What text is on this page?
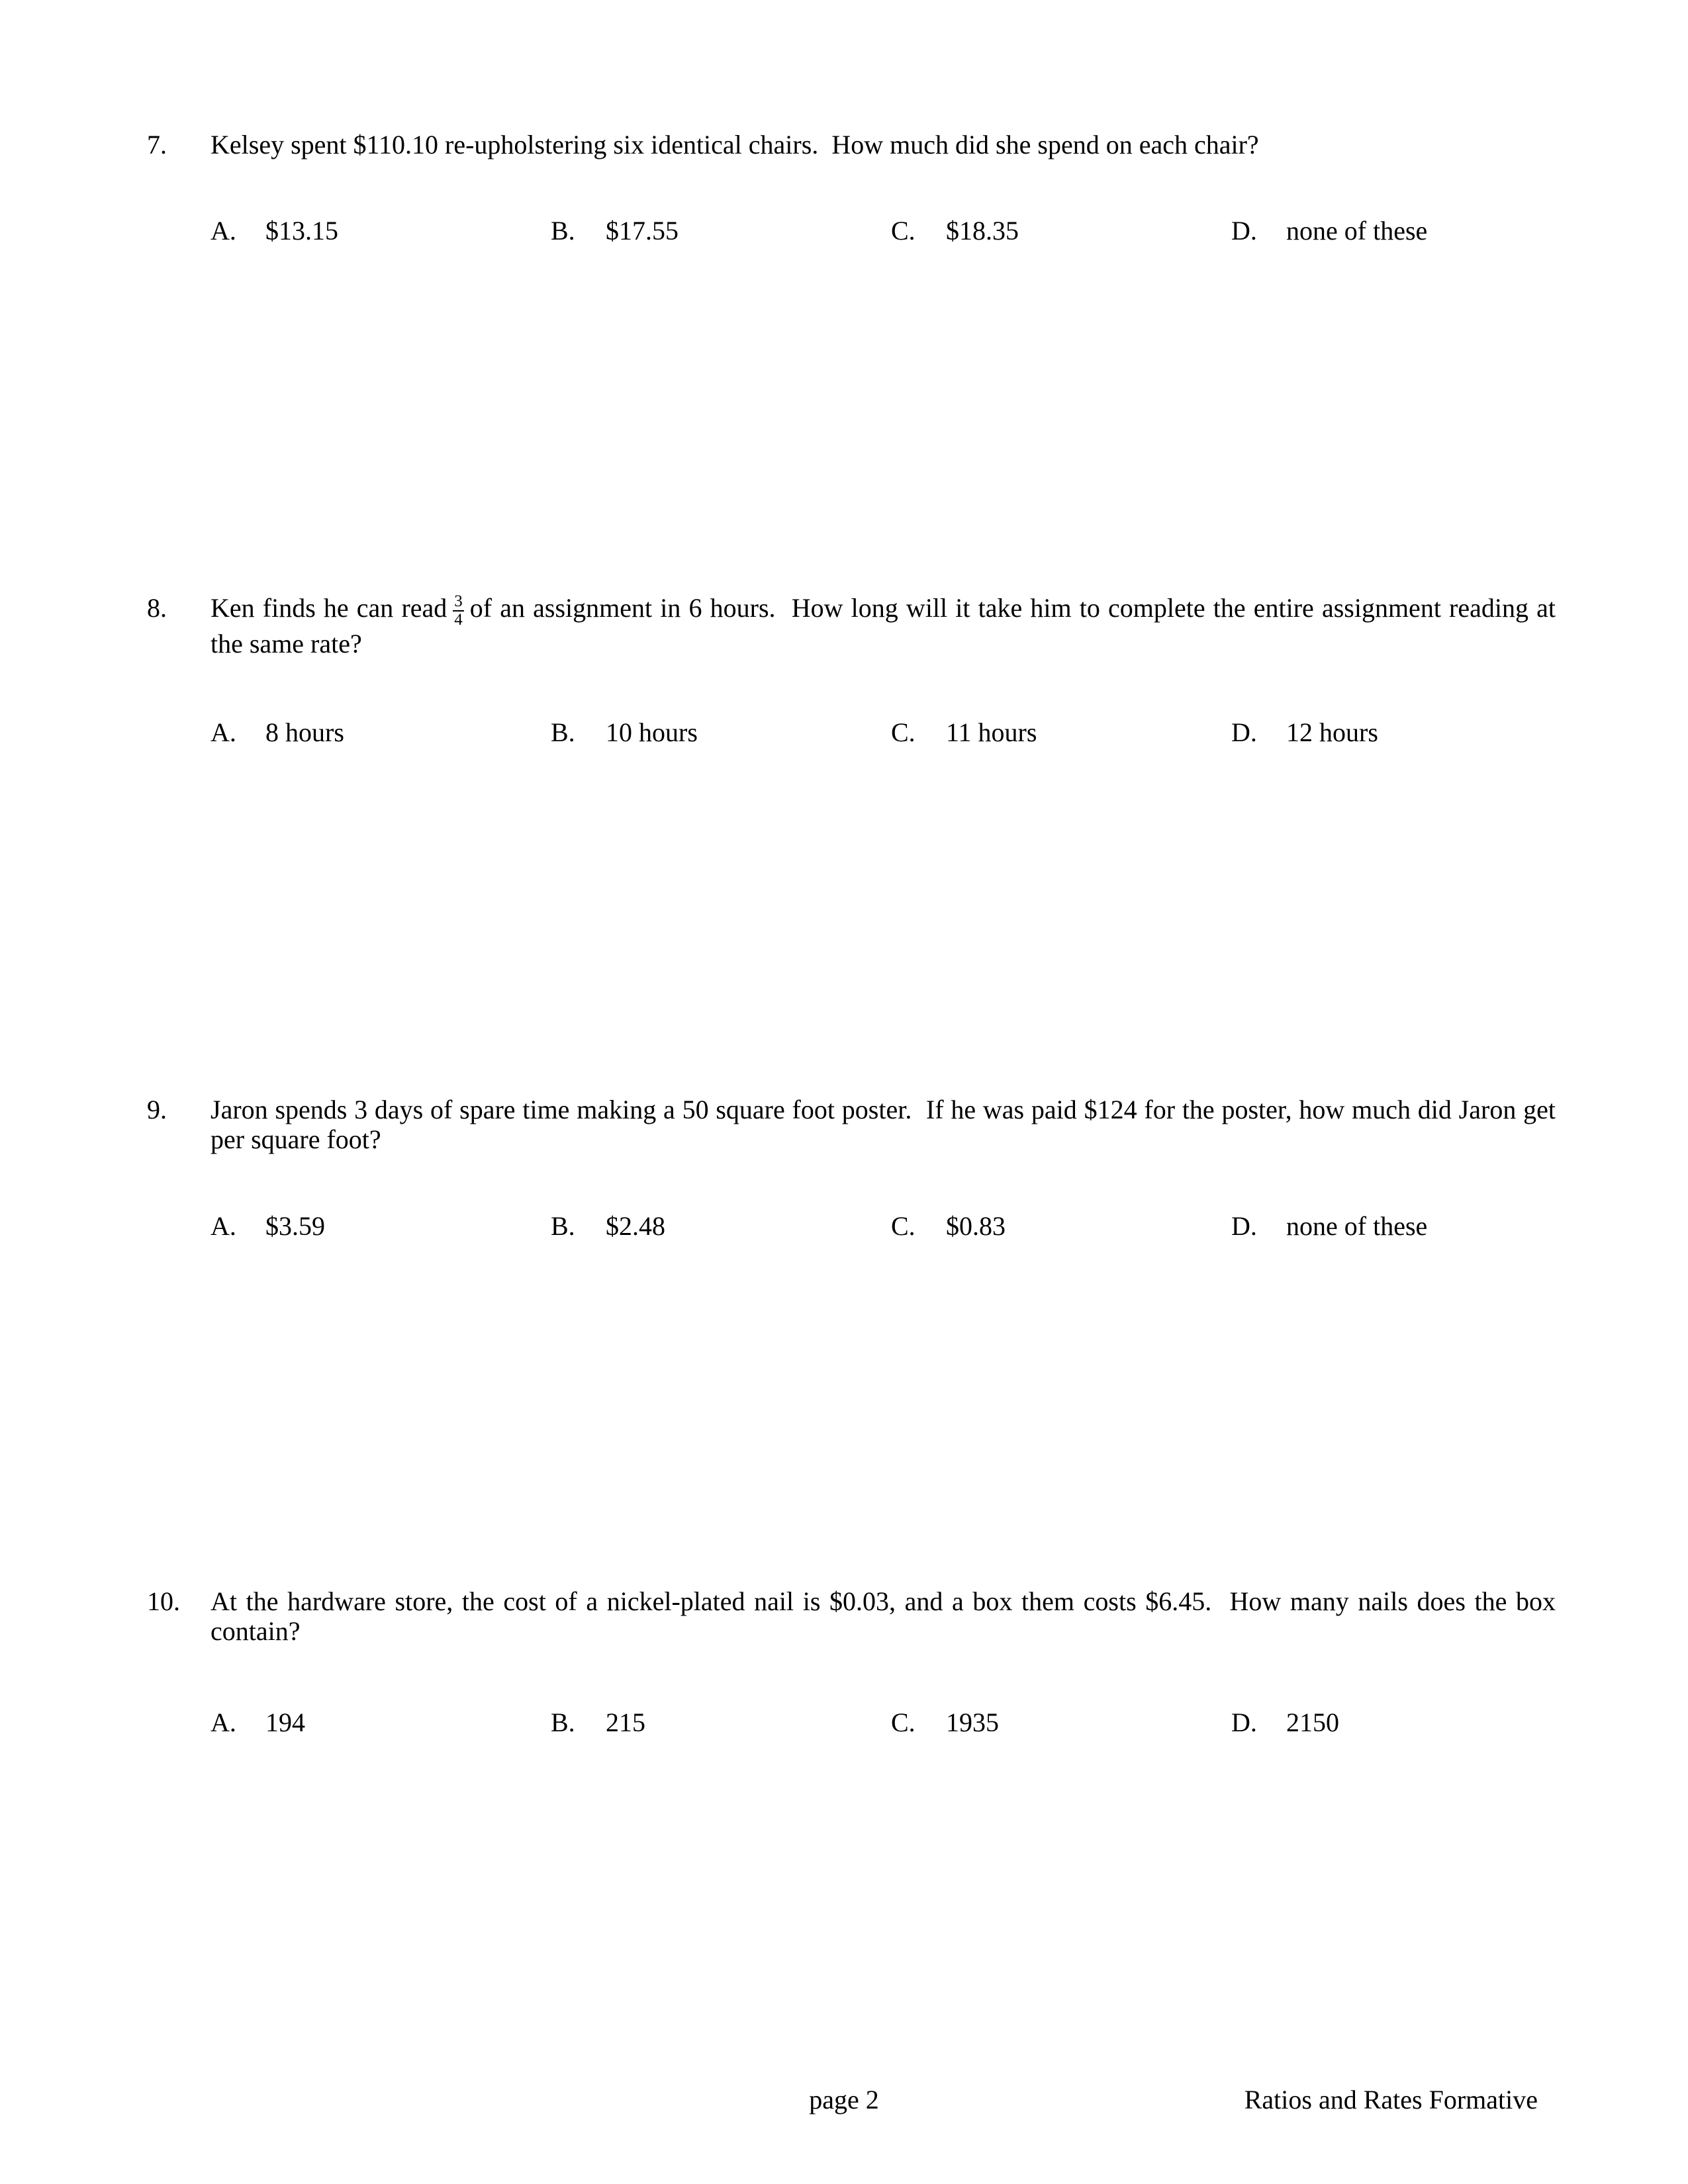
7.	Kelsey spent $110.10 re-upholstering six identical chairs.  How much did she spend on each chair?
A. $13.15	B. $17.55	C. $18.35	D. none of these
8.	Ken finds he can read $\frac{3}{4}$ of an assignment in 6 hours.  How long will it take him to complete the entire assignment reading at the same rate?
A. 8 hours	B. 10 hours	C. 11 hours	D. 12 hours
9.	Jaron spends 3 days of spare time making a 50 square foot poster.  If he was paid $124 for the poster, how much did Jaron get per square foot?
A. $3.59	B. $2.48	C. $0.83	D. none of these
10.	At the hardware store, the cost of a nickel-plated nail is $0.03, and a box them costs $6.45.  How many nails does the box contain?
A. 194	B. 215	C. 1935	D. 2150
page 2	Ratios and Rates Formative
